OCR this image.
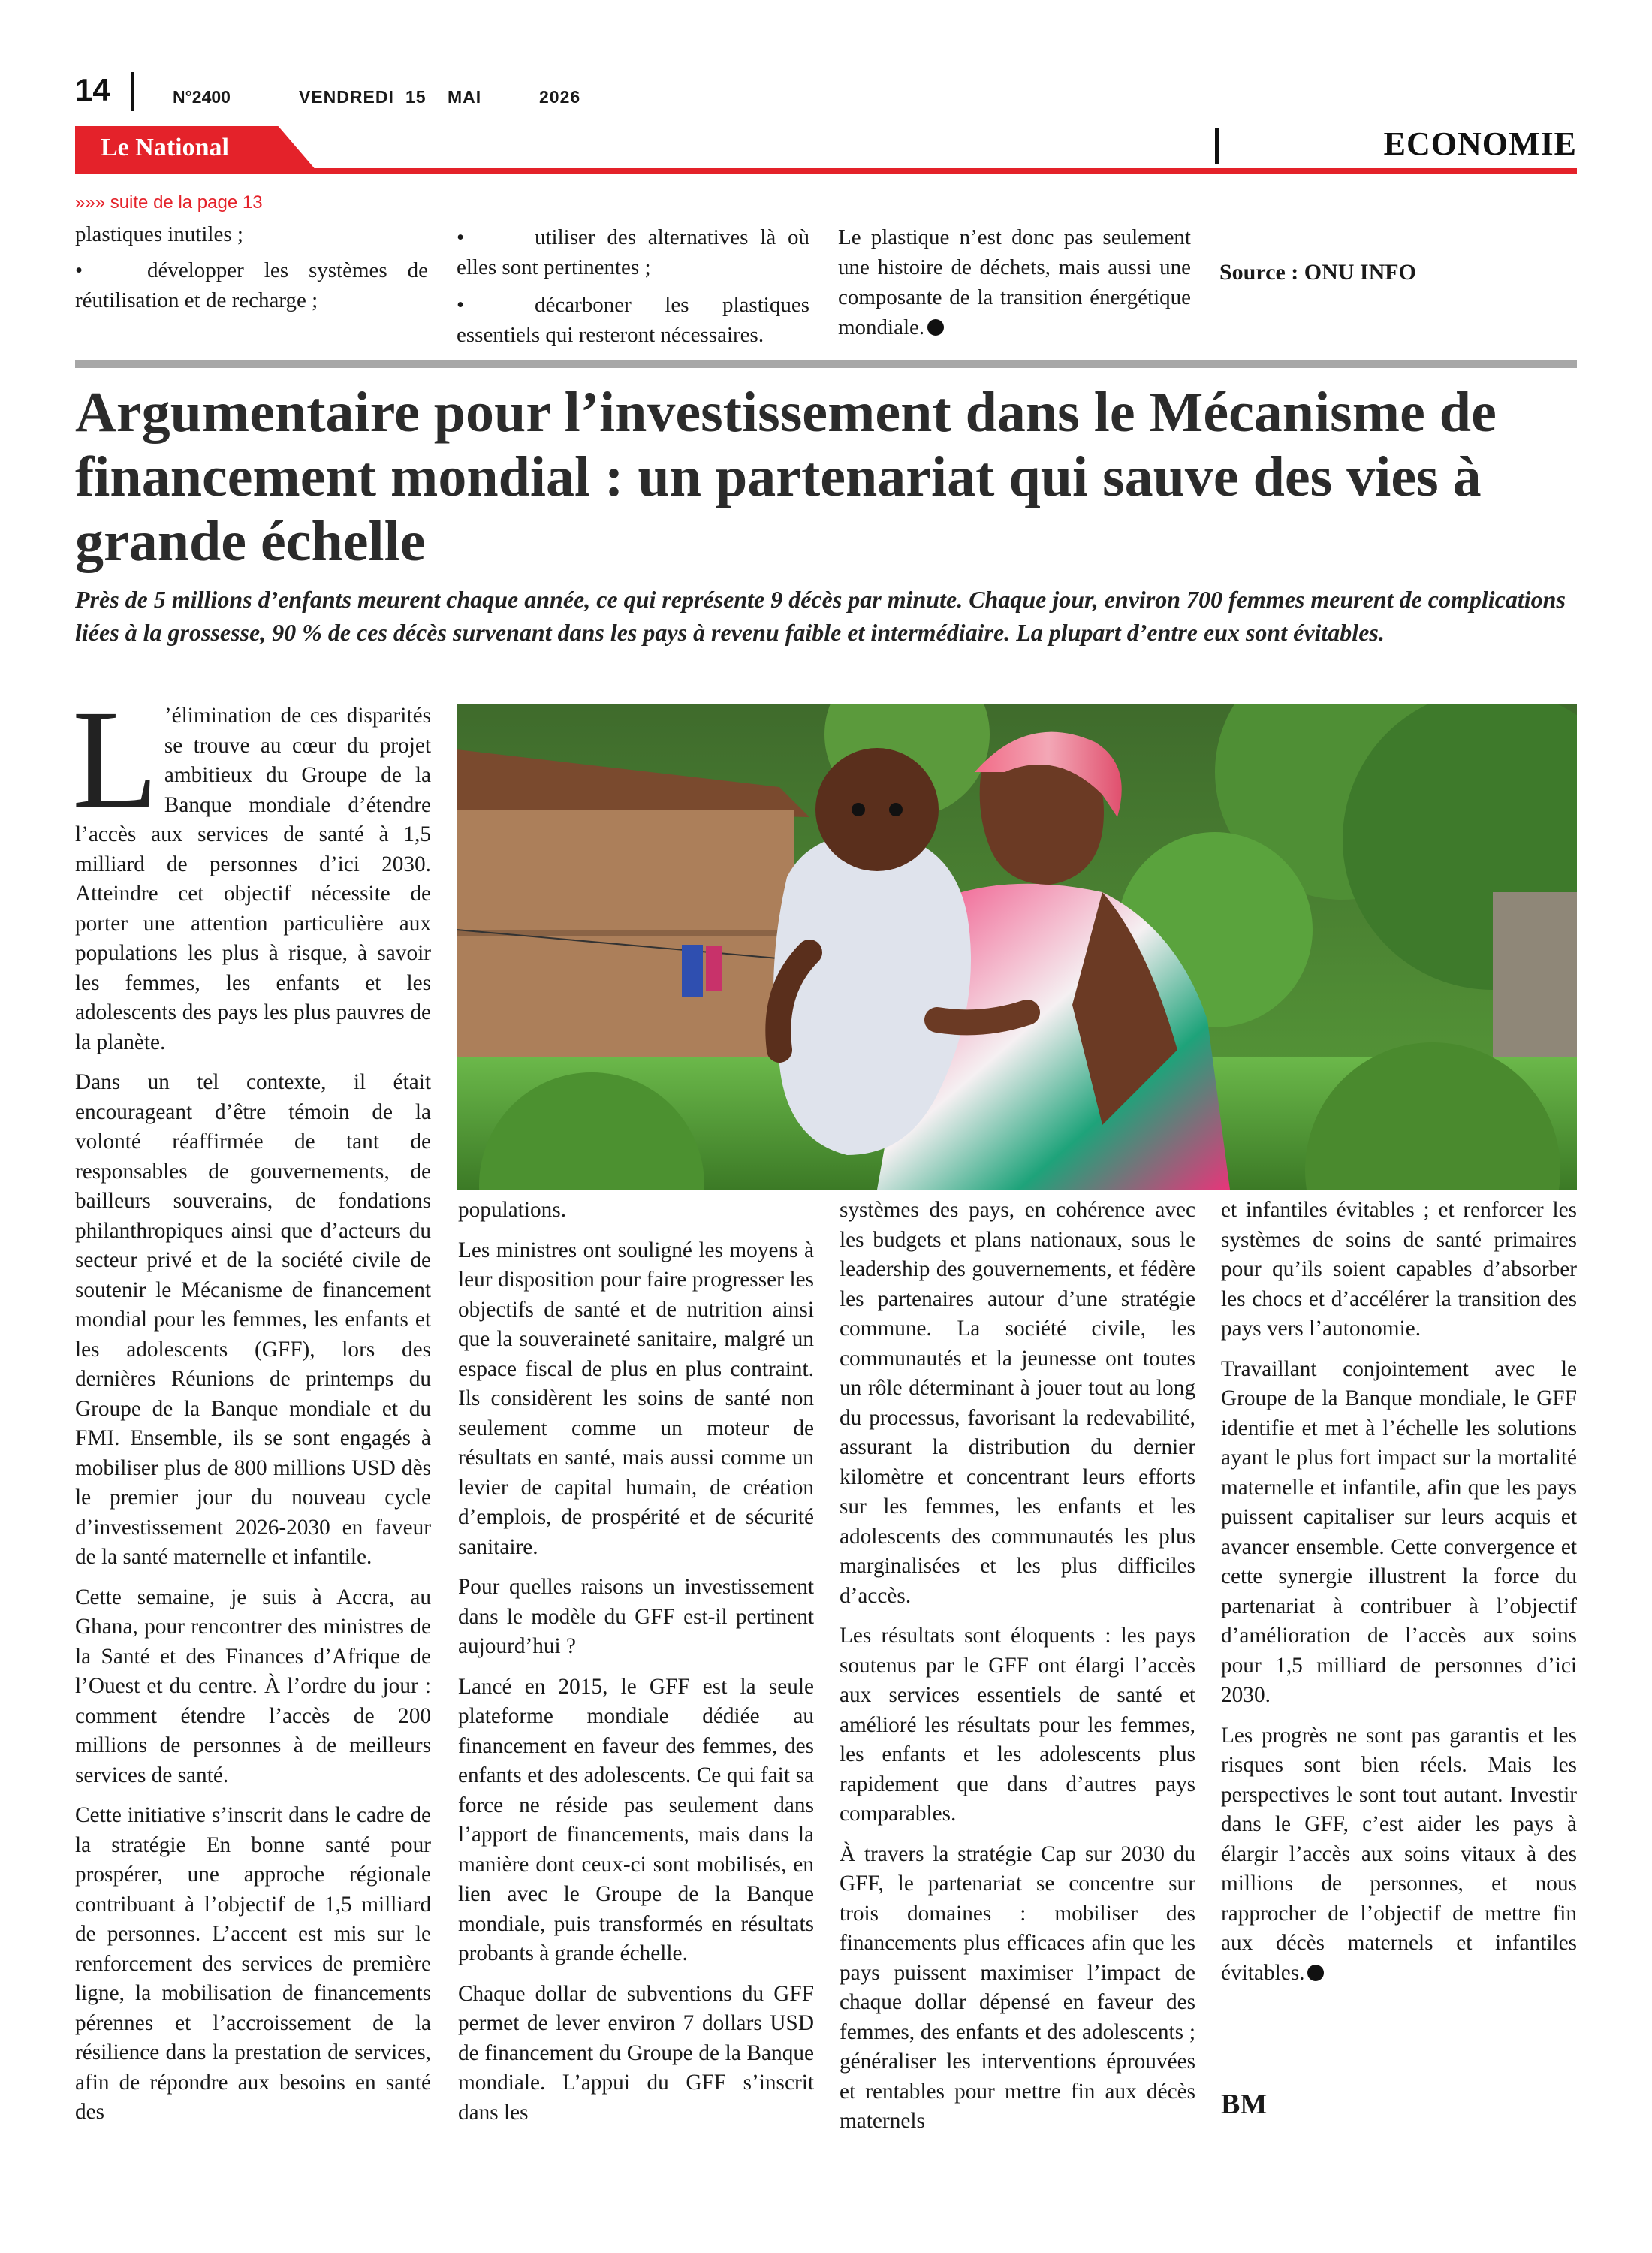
14	N°2400	VENDREDI 15 MAI	2026
Le National	ECONOMIE
»»» suite de la page 13

plastiques inutiles ;

•	développer les systèmes de réutilisation et de recharge ;

•	utiliser des alternatives là où elles sont pertinentes ;

•	décarboner les plastiques essentiels qui resteront nécessaires.

Le plastique n’est donc pas seulement une histoire de déchets, mais aussi une composante de la transition énergétique mondiale.

Source : ONU INFO
Argumentaire pour l’investissement dans le Mécanisme de financement mondial : un partenariat qui sauve des vies à grande échelle

Près de 5 millions d’enfants meurent chaque année, ce qui représente 9 décès par minute. Chaque jour, environ 700 femmes meurent de complications liées à la grossesse, 90 % de ces décès survenant dans les pays à revenu faible et intermédiaire. La plupart d’entre eux sont évitables.

L ’élimination de ces disparités se trouve au cœur du projet ambitieux du Groupe de la Banque mondiale d’étendre l’accès aux services de santé à 1,5 milliard de personnes d’ici 2030. Atteindre cet objectif nécessite de porter une attention particulière aux populations les plus à risque, à savoir les femmes, les enfants et les adolescents des pays les plus pauvres de la planète.

Dans un tel contexte, il était encourageant d’être témoin de la volonté réaffirmée de tant de responsables de gouvernements, de bailleurs souverains, de fondations philanthropiques ainsi que d’acteurs du secteur privé et de la société civile de soutenir le Mécanisme de financement mondial pour les femmes, les enfants et les adolescents (GFF), lors des dernières Réunions de printemps du Groupe de la Banque mondiale et du FMI. Ensemble, ils se sont engagés à mobiliser plus de 800 millions USD dès le premier jour du nouveau cycle d’investissement 2026-2030 en faveur de la santé maternelle et infantile.

Cette semaine, je suis à Accra, au Ghana, pour rencontrer des ministres de la Santé et des Finances d’Afrique de l’Ouest et du centre. À l’ordre du jour : comment étendre l’accès de 200 millions de personnes à de meilleurs services de santé.

Cette initiative s’inscrit dans le cadre de la stratégie En bonne santé pour prospérer, une approche régionale contribuant à l’objectif de 1,5 milliard de personnes. L’accent est mis sur le renforcement des services de première ligne, la mobilisation de financements pérennes et l’accroissement de la résilience dans la prestation de services, afin de répondre aux besoins en santé des

populations.

Les ministres ont souligné les moyens à leur disposition pour faire progresser les objectifs de santé et de nutrition ainsi que la souveraineté sanitaire, malgré un espace fiscal de plus en plus contraint. Ils considèrent les soins de santé non seulement comme un moteur de résultats en santé, mais aussi comme un levier de capital humain, de création d’emplois, de prospérité et de sécurité sanitaire.

Pour quelles raisons un investissement dans le modèle du GFF est-il pertinent aujourd’hui ?

Lancé en 2015, le GFF est la seule plateforme mondiale dédiée au financement en faveur des femmes, des enfants et des adolescents. Ce qui fait sa force ne réside pas seulement dans l’apport de financements, mais dans la manière dont ceux-ci sont mobilisés, en lien avec le Groupe de la Banque mondiale, puis transformés en résultats probants à grande échelle.

Chaque dollar de subventions du GFF permet de lever environ 7 dollars USD de financement du Groupe de la Banque mondiale. L’appui du GFF s’inscrit dans les

systèmes des pays, en cohérence avec les budgets et plans nationaux, sous le leadership des gouvernements, et fédère les partenaires autour d’une stratégie commune. La société civile, les communautés et la jeunesse ont toutes un rôle déterminant à jouer tout au long du processus, favorisant la redevabilité, assurant la distribution du dernier kilomètre et concentrant leurs efforts sur les femmes, les enfants et les adolescents des communautés les plus marginalisées et les plus difficiles d’accès.

Les résultats sont éloquents : les pays soutenus par le GFF ont élargi l’accès aux services essentiels de santé et amélioré les résultats pour les femmes, les enfants et les adolescents plus rapidement que dans d’autres pays comparables.

À travers la stratégie Cap sur 2030 du GFF, le partenariat se concentre sur trois domaines : mobiliser des financements plus efficaces afin que les pays puissent maximiser l’impact de chaque dollar dépensé en faveur des femmes, des enfants et des adolescents ; généraliser les interventions éprouvées et rentables pour mettre fin aux décès maternels

et infantiles évitables ; et renforcer les systèmes de soins de santé primaires pour qu’ils soient capables d’absorber les chocs et d’accélérer la transition des pays vers l’autonomie.

Travaillant conjointement avec le Groupe de la Banque mondiale, le GFF identifie et met à l’échelle les solutions ayant le plus fort impact sur la mortalité maternelle et infantile, afin que les pays puissent capitaliser sur leurs acquis et avancer ensemble. Cette convergence et cette synergie illustrent la force du partenariat à contribuer à l’objectif d’amélioration de l’accès aux soins pour 1,5 milliard de personnes d’ici 2030.

Les progrès ne sont pas garantis et les risques sont bien réels. Mais les perspectives le sont tout autant. Investir dans le GFF, c’est aider les pays à élargir l’accès aux soins vitaux à des millions de personnes, et nous rapprocher de l’objectif de mettre fin aux décès maternels et infantiles évitables.

BM
